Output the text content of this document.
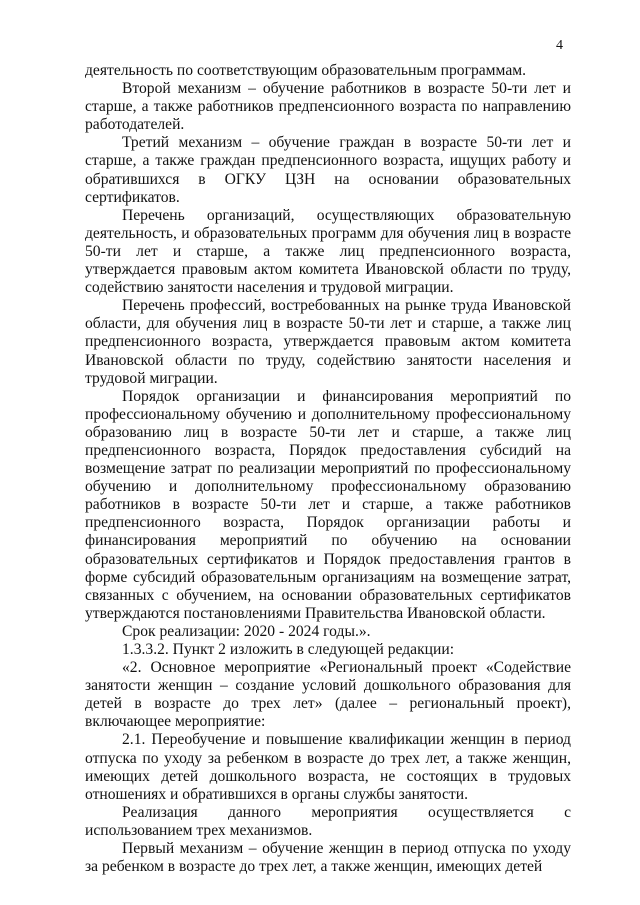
4

деятельность по соответствующим образовательным программам.

Второй механизм – обучение работников в возрасте 50-ти лет и старше, а также работников предпенсионного возраста по направлению работодателей.

Третий механизм – обучение граждан в возрасте 50-ти лет и старше, а также граждан предпенсионного возраста, ищущих работу и обратившихся в ОГКУ ЦЗН на основании образовательных сертификатов.

Перечень организаций, осуществляющих образовательную деятельность, и образовательных программ для обучения лиц в возрасте 50-ти лет и старше, а также лиц предпенсионного возраста, утверждается правовым актом комитета Ивановской области по труду, содействию занятости населения и трудовой миграции.

Перечень профессий, востребованных на рынке труда Ивановской области, для обучения лиц в возрасте 50-ти лет и старше, а также лиц предпенсионного возраста, утверждается правовым актом комитета Ивановской области по труду, содействию занятости населения и трудовой миграции.

Порядок организации и финансирования мероприятий по профессиональному обучению и дополнительному профессиональному образованию лиц в возрасте 50-ти лет и старше, а также лиц предпенсионного возраста, Порядок предоставления субсидий на возмещение затрат по реализации мероприятий по профессиональному обучению и дополнительному профессиональному образованию работников в возрасте 50-ти лет и старше, а также работников предпенсионного возраста, Порядок организации работы и финансирования мероприятий по обучению на основании образовательных сертификатов и Порядок предоставления грантов в форме субсидий образовательным организациям на возмещение затрат, связанных с обучением, на основании образовательных сертификатов утверждаются постановлениями Правительства Ивановской области.

Срок реализации: 2020 - 2024 годы.».

1.3.3.2. Пункт 2 изложить в следующей редакции:

«2. Основное мероприятие «Региональный проект «Содействие занятости женщин – создание условий дошкольного образования для детей в возрасте до трех лет» (далее – региональный проект), включающее мероприятие:

2.1. Переобучение и повышение квалификации женщин в период отпуска по уходу за ребенком в возрасте до трех лет, а также женщин, имеющих детей дошкольного возраста, не состоящих в трудовых отношениях и обратившихся в органы службы занятости.

Реализация данного мероприятия осуществляется с использованием трех механизмов.

Первый механизм – обучение женщин в период отпуска по уходу за ребенком в возрасте до трех лет, а также женщин, имеющих детей
